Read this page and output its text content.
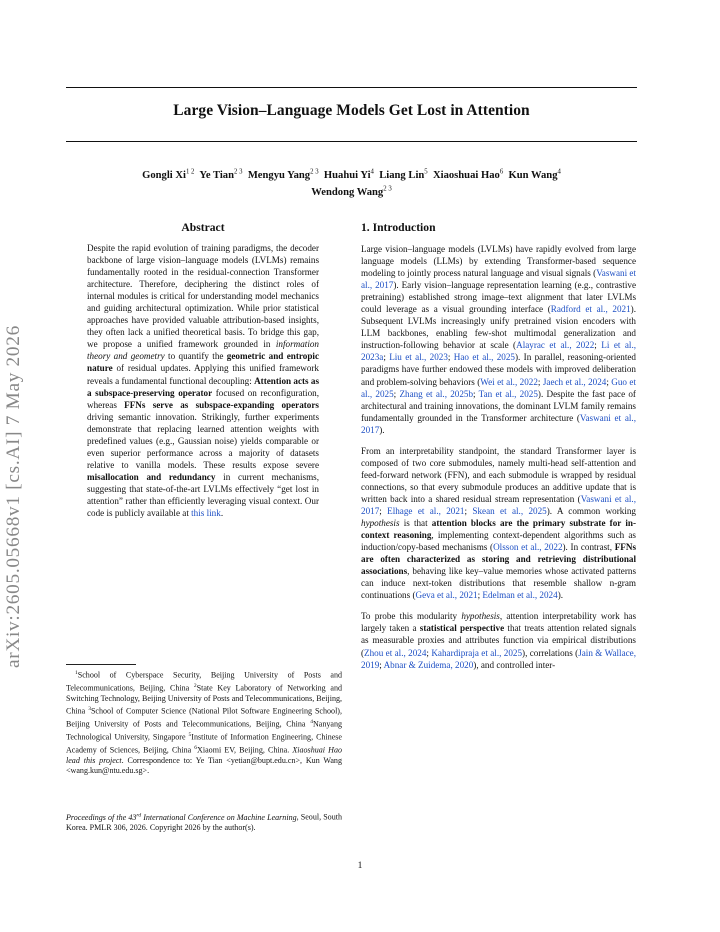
Large Vision–Language Models Get Lost in Attention
Gongli $Xi^{1 2}$ Ye Tian$^{2 3}$ Mengyu Yang$^{2 3}$ Huahui Yi$^4$ Liang Lin$^5$ Xiaoshuai Hao$^6$ Kun Wang$^4$
Wendong Wang$^{2 3}$
arXiv:2605.05668v1 [cs.AI] 7 May 2026
Abstract

Despite the rapid evolution of training paradigms, the decoder backbone of large vision–language models (LVLMs) remains fundamentally rooted in the residual-connection Transformer architecture. Therefore, deciphering the distinct roles of internal modules is critical for understanding model mechanics and guiding architectural optimization. While prior statistical approaches have provided valuable attribution-based insights, they often lack a unified theoretical basis. To bridge this gap, we propose a unified framework grounded in information theory and geometry to quantify the geometric and entropic nature of residual updates. Applying this unified framework reveals a fundamental functional decoupling: Attention acts as a subspace-preserving operator focused on reconfiguration, whereas FFNs serve as subspace-expanding operators driving semantic innovation. Strikingly, further experiments demonstrate that replacing learned attention weights with predefined values (e.g., Gaussian noise) yields comparable or even superior performance across a majority of datasets relative to vanilla models. These results expose severe misallocation and redundancy in current mechanisms, suggesting that state-of-the-art LVLMs effectively “get lost in attention” rather than efficiently leveraging visual context. Our code is publicly available at this link.

1. Introduction

Large vision–language models (LVLMs) have rapidly evolved from large language models (LLMs) by extending Transformer-based sequence modeling to jointly process natural language and visual signals (Vaswani et al., 2017). Early vision–language representation learning (e.g., contrastive pretraining) established strong image–text alignment that later LVLMs could leverage as a visual grounding interface (Radford et al., 2021). Subsequent LVLMs increasingly unify pretrained vision encoders with LLM backbones, enabling few-shot multimodal generalization and instruction-following behavior at scale (Alayrac et al., 2022; Li et al., 2023a; Liu et al., 2023; Hao et al., 2025). In parallel, reasoning-oriented paradigms have further endowed these models with improved deliberation and problem-solving behaviors (Wei et al., 2022; Jaech et al., 2024; Guo et al., 2025; Zhang et al., 2025b; Tan et al., 2025). Despite the fast pace of architectural and training innovations, the dominant LVLM family remains fundamentally grounded in the Transformer architecture (Vaswani et al., 2017).

From an interpretability standpoint, the standard Transformer layer is composed of two core submodules, namely multi-head self-attention and feed-forward network (FFN), and each submodule is wrapped by residual connections, so that every submodule produces an additive update that is written back into a shared residual stream representation (Vaswani et al., 2017; Elhage et al., 2021; Skean et al., 2025). A common working hypothesis is that attention blocks are the primary substrate for in-context reasoning, implementing context-dependent algorithms such as induction/copy-based mechanisms (Olsson et al., 2022). In contrast, FFNs are often characterized as storing and retrieving distributional associations, behaving like key–value memories whose activated patterns can induce next-token distributions that resemble shallow n-gram continuations (Geva et al., 2021; Edelman et al., 2024).

To probe this modularity hypothesis, attention interpretability work has largely taken a statistical perspective that treats attention related signals as measurable proxies and attributes function via empirical distributions (Zhou et al., 2024; Kahardipraja et al., 2025), correlations (Jain & Wallace, 2019; Abnar & Zuidema, 2020), and controlled inter-

$^1$School of Cyberspace Security, Beijing University of Posts and Telecommunications, Beijing, China $^2$State Key Laboratory of Networking and Switching Technology, Beijing University of Posts and Telecommunications, Beijing, China $^3$School of Computer Science (National Pilot Software Engineering School), Beijing University of Posts and Telecommunications, Beijing, China $^4$Nanyang Technological University, Singapore $^5$Institute of Information Engineering, Chinese Academy of Sciences, Beijing, China $^6$Xiaomi EV, Beijing, China. Xiaoshuai Hao lead this project. Correspondence to: Ye Tian <yetian@bupt.edu.cn>, Kun Wang <wang.kun@ntu.edu.sg>.
Proceedings of the 43rd International Conference on Machine Learning, Seoul, South Korea. PMLR 306, 2026. Copyright 2026 by the author(s).
1
